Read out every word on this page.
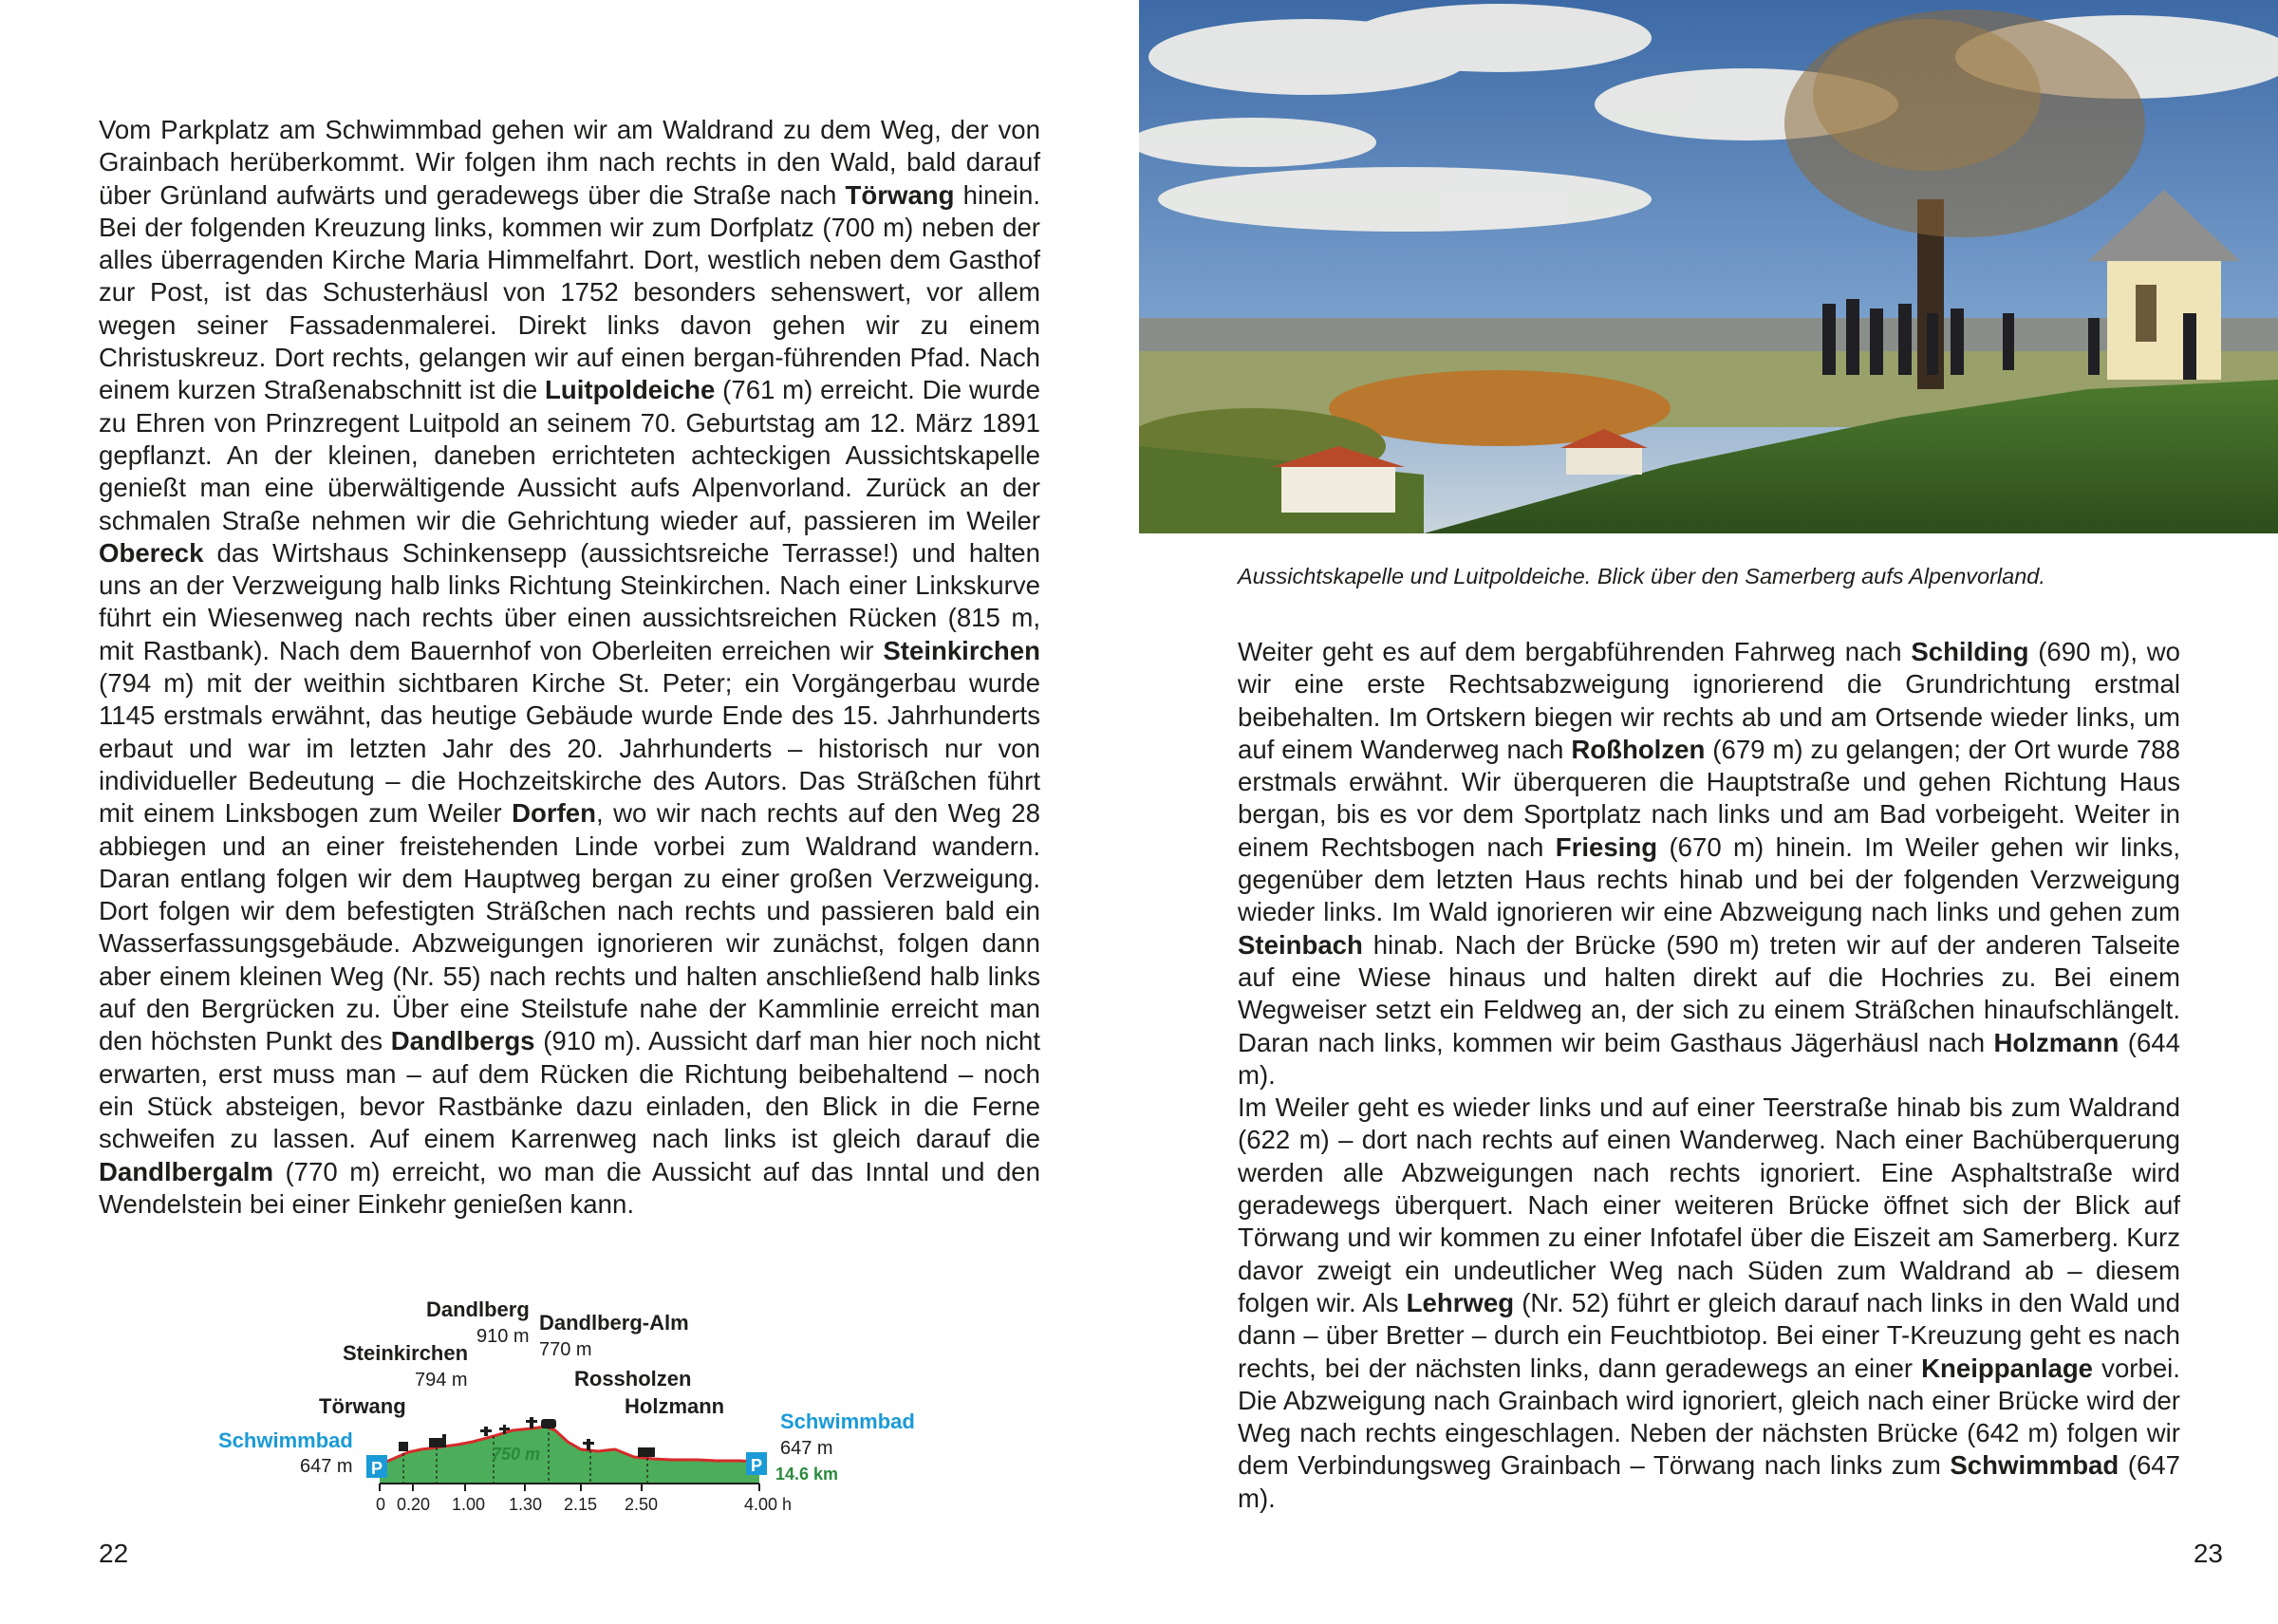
Vom Parkplatz am Schwimmbad gehen wir am Waldrand zu dem Weg, der von Grainbach herüberkommt. Wir folgen ihm nach rechts in den Wald, bald darauf über Grünland aufwärts und geradewegs über die Straße nach Törwang hinein. Bei der folgenden Kreuzung links, kommen wir zum Dorfplatz (700 m) neben der alles überragenden Kirche Maria Himmelfahrt. Dort, westlich neben dem Gasthof zur Post, ist das Schusterhäusl von 1752 besonders sehenswert, vor allem wegen seiner Fassadenmalerei. Direkt links davon gehen wir zu einem Christuskreuz. Dort rechts, gelangen wir auf einen bergan-führenden Pfad. Nach einem kurzen Straßenabschnitt ist die Luitpoldeiche (761 m) erreicht. Die wurde zu Ehren von Prinzregent Luitpold an seinem 70. Geburtstag am 12. März 1891 gepflanzt. An der kleinen, daneben errichteten achteckigen Aussichtskapelle genießt man eine überwältigende Aussicht aufs Alpenvorland. Zurück an der schmalen Straße nehmen wir die Gehrichtung wieder auf, passieren im Weiler Obereck das Wirtshaus Schinkensepp (aussichtsreiche Terrasse!) und halten uns an der Verzweigung halb links Richtung Steinkirchen. Nach einer Linkskurve führt ein Wiesenweg nach rechts über einen aussichtsreichen Rücken (815 m, mit Rastbank). Nach dem Bauernhof von Oberleiten erreichen wir Steinkirchen (794 m) mit der weithin sichtbaren Kirche St. Peter; ein Vorgängerbau wurde 1145 erstmals erwähnt, das heutige Gebäude wurde Ende des 15. Jahrhunderts erbaut und war im letzten Jahr des 20. Jahrhunderts – historisch nur von individueller Bedeutung – die Hochzeitskirche des Autors. Das Sträßchen führt mit einem Linksbogen zum Weiler Dorfen, wo wir nach rechts auf den Weg 28 abbiegen und an einer freistehenden Linde vorbei zum Waldrand wandern. Daran entlang folgen wir dem Hauptweg bergan zu einer großen Verzweigung. Dort folgen wir dem befestigten Sträßchen nach rechts und passieren bald ein Wasserfassungsgebäude. Abzweigungen ignorieren wir zunächst, folgen dann aber einem kleinen Weg (Nr. 55) nach rechts und halten anschließend halb links auf den Bergrücken zu. Über eine Steilstufe nahe der Kammlinie erreicht man den höchsten Punkt des Dandlbergs (910 m). Aussicht darf man hier noch nicht erwarten, erst muss man – auf dem Rücken die Richtung beibehaltend – noch ein Stück absteigen, bevor Rastbänke dazu einladen, den Blick in die Ferne schweifen zu lassen. Auf einem Karrenweg nach links ist gleich darauf die Dandlbergalm (770 m) erreicht, wo man die Aussicht auf das Inntal und den Wendelstein bei einer Einkehr genießen kann.

0 0.20 1.00 1.30 2.15 2.50	4.00 h
P	P
Schwimmbad
647 m
Schwimmbad
647 m
Törwang
Steinkirchen
794 m
Dandlberg
910 m
Dandlberg-Alm
770 m
Rossholzen
Holzmann
750 m
14.6 km
22
Aussichtskapelle und Luitpoldeiche. Blick über den Samerberg aufs Alpenvorland.

Weiter geht es auf dem bergabführenden Fahrweg nach Schilding (690 m), wo wir eine erste Rechtsabzweigung ignorierend die Grundrichtung erstmal beibehalten. Im Ortskern biegen wir rechts ab und am Ortsende wieder links, um auf einem Wanderweg nach Roßholzen (679 m) zu gelangen; der Ort wurde 788 erstmals erwähnt. Wir überqueren die Hauptstraße und gehen Richtung Haus bergan, bis es vor dem Sportplatz nach links und am Bad vorbeigeht. Weiter in einem Rechtsbogen nach Friesing (670 m) hinein. Im Weiler gehen wir links, gegenüber dem letzten Haus rechts hinab und bei der folgenden Verzweigung wieder links. Im Wald ignorieren wir eine Abzweigung nach links und gehen zum Steinbach hinab. Nach der Brücke (590 m) treten wir auf der anderen Talseite auf eine Wiese hinaus und halten direkt auf die Hochries zu. Bei einem Wegweiser setzt ein Feldweg an, der sich zu einem Sträßchen hinaufschlängelt. Daran nach links, kommen wir beim Gasthaus Jägerhäusl nach Holzmann (644 m).

Im Weiler geht es wieder links und auf einer Teerstraße hinab bis zum Waldrand (622 m) – dort nach rechts auf einen Wanderweg. Nach einer Bachüberquerung werden alle Abzweigungen nach rechts ignoriert. Eine Asphaltstraße wird geradewegs überquert. Nach einer weiteren Brücke öffnet sich der Blick auf Törwang und wir kommen zu einer Infotafel über die Eiszeit am Samerberg. Kurz davor zweigt ein undeutlicher Weg nach Süden zum Waldrand ab – diesem folgen wir. Als Lehrweg (Nr. 52) führt er gleich darauf nach links in den Wald und dann – über Bretter – durch ein Feuchtbiotop. Bei einer T-Kreuzung geht es nach rechts, bei der nächsten links, dann geradewegs an einer Kneippanlage vorbei. Die Abzweigung nach Grainbach wird ignoriert, gleich nach einer Brücke wird der Weg nach rechts eingeschlagen. Neben der nächsten Brücke (642 m) folgen wir dem Verbindungsweg Grainbach – Törwang nach links zum Schwimmbad (647 m).

23
